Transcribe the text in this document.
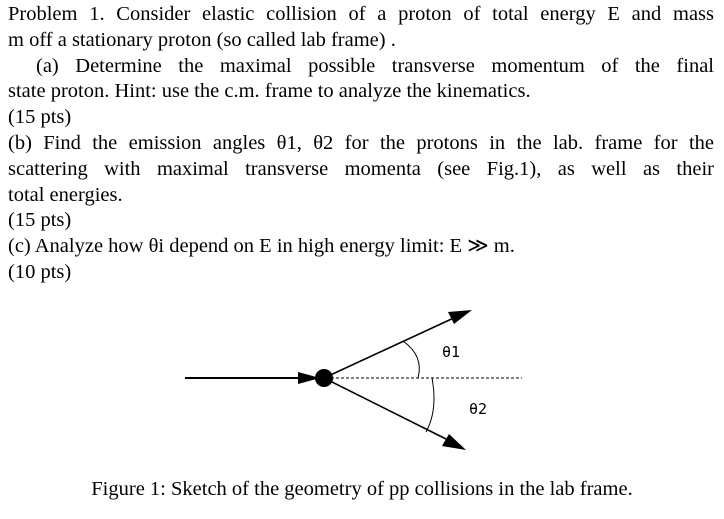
Problem 1. Consider elastic collision of a proton of total energy E and mass
m off a stationary proton (so called lab frame) .
(a) Determine the maximal possible transverse momentum of the final
state proton. Hint: use the c.m. frame to analyze the kinematics.
(15 pts)
(b) Find the emission angles θ1, θ2 for the protons in the lab. frame for the
scattering with maximal transverse momenta (see Fig.1), as well as their
total energies.
(15 pts)
(c) Analyze how θi depend on E in high energy limit: E ≫ m.
(10 pts)
θ1
θ2
Figure 1: Sketch of the geometry of pp collisions in the lab frame.
